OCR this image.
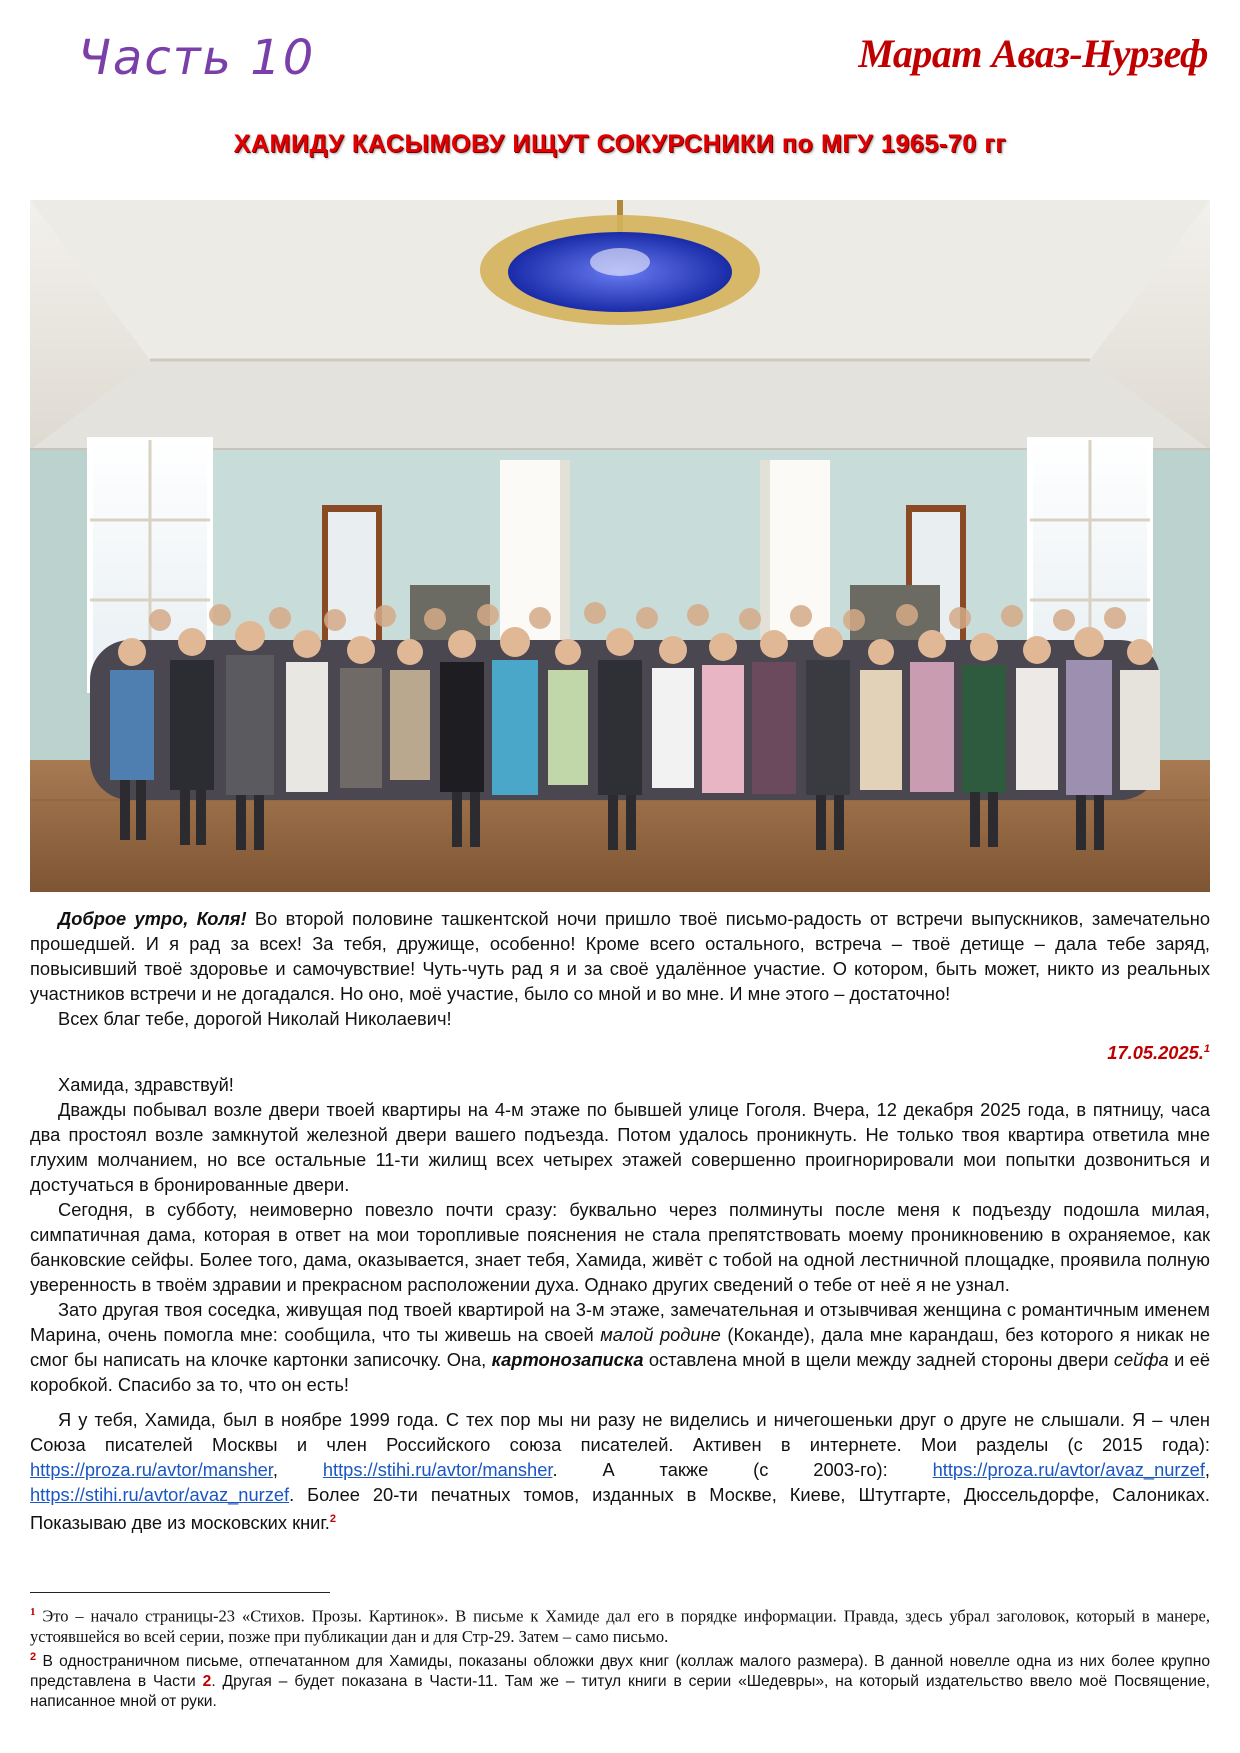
Часть 10	Марат Аваз-Нурзеф
ХАМИДУ КАСЫМОВУ ИЩУТ СОКУРСНИКИ по МГУ 1965-70 гг

Доброе утро, Коля! Во второй половине ташкентской ночи пришло твоё письмо-радость от встречи выпускников, замечательно прошедшей. И я рад за всех! За тебя, дружище, особенно! Кроме всего остального, встреча – твоё детище – дала тебе заряд, повысивший твоё здоровье и самочувствие! Чуть-чуть рад я и за своё удалённое участие. О котором, быть может, никто из реальных участников встречи и не догадался. Но оно, моё участие, было со мной и во мне. И мне этого – достаточно!

Всех благ тебе, дорогой Николай Николаевич!

17.05.2025.$^1$

Хамида, здравствуй!

Дважды побывал возле двери твоей квартиры на 4-м этаже по бывшей улице Гоголя. Вчера, 12 декабря 2025 года, в пятницу, часа два простоял возле замкнутой железной двери вашего подъезда. Потом удалось проникнуть. Не только твоя квартира ответила мне глухим молчанием, но все остальные 11-ти жилищ всех четырех этажей совершенно проигнорировали мои попытки дозвониться и достучаться в бронированные двери.

Сегодня, в субботу, неимоверно повезло почти сразу: буквально через полминуты после меня к подъезду подошла милая, симпатичная дама, которая в ответ на мои торопливые пояснения не стала препятствовать моему проникновению в охраняемое, как банковские сейфы. Более того, дама, оказывается, знает тебя, Хамида, живёт с тобой на одной лестничной площадке, проявила полную уверенность в твоём здравии и прекрасном расположении духа. Однако других сведений о тебе от неё я не узнал.

Зато другая твоя соседка, живущая под твоей квартирой на 3-м этаже, замечательная и отзывчивая женщина с романтичным именем Марина, очень помогла мне: сообщила, что ты живешь на своей малой родине (Коканде), дала мне карандаш, без которого я никак не смог бы написать на клочке картонки записочку. Она, картонозаписка оставлена мной в щели между задней стороны двери сейфа и её коробкой. Спасибо за то, что он есть!

Я у тебя, Хамида, был в ноябре 1999 года. С тех пор мы ни разу не виделись и ничегошеньки друг о друге не слышали. Я – член Союза писателей Москвы и член Российского союза писателей. Активен в интернете. Мои разделы (с 2015 года): https://proza.ru/avtor/mansher, https://stihi.ru/avtor/mansher. А также (с 2003-го): https://proza.ru/avtor/avaz_nurzef, https://stihi.ru/avtor/avaz_nurzef. Более 20-ти печатных томов, изданных в Москве, Киеве, Штутгарте, Дюссельдорфе, Салониках. Показываю две из московских книг.$^2$

$^1$ Это – начало страницы-23 «Стихов. Прозы. Картинок». В письме к Хамиде дал его в порядке информации. Правда, здесь убрал заголовок, который в манере, устоявшейся во всей серии, позже при публикации дан и для Стр-29. Затем – само письмо.

$^2$ В одностраничном письме, отпечатанном для Хамиды, показаны обложки двух книг (коллаж малого размера). В данной новелле одна из них более крупно представлена в Части 2. Другая – будет показана в Части-11. Там же – титул книги в серии «Шедевры», на который издательство ввело моё Посвящение, написанное мной от руки.
